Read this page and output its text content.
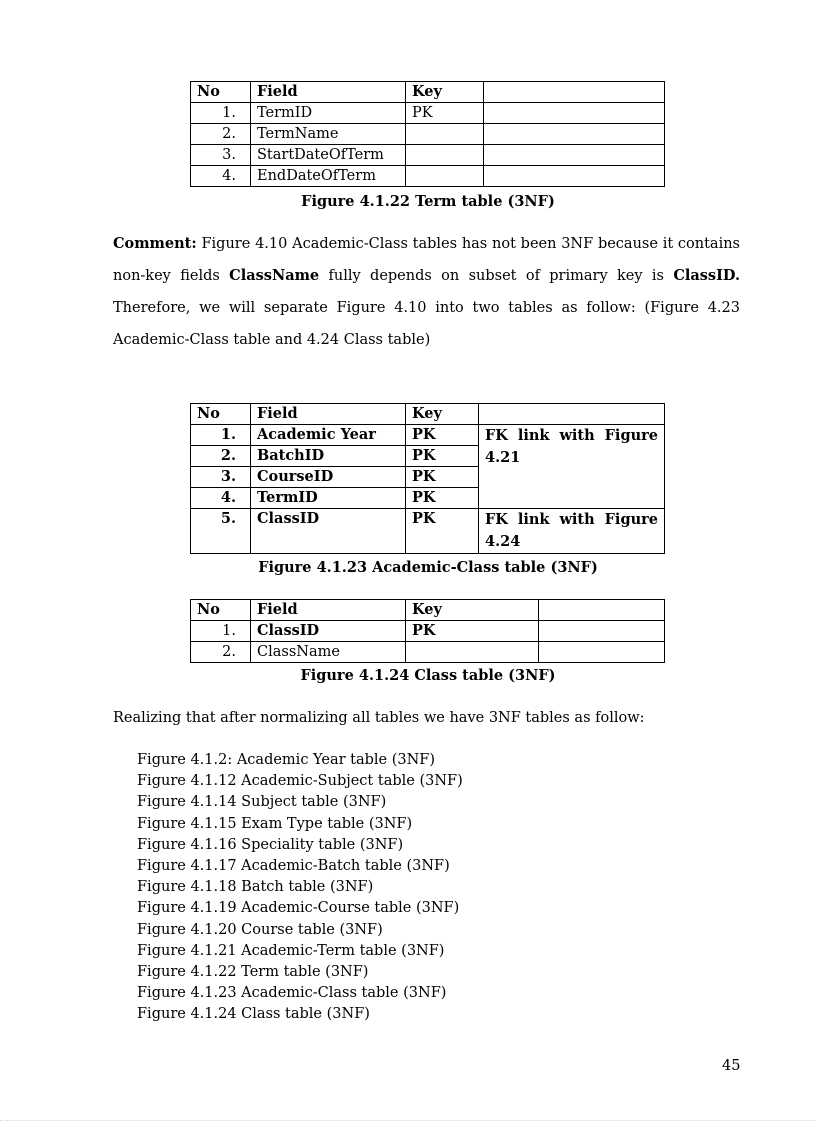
No	Field	Key	
1.	TermID	PK	
2.	TermName		
3.	StartDateOfTerm		
4.	EndDateOfTerm		
Figure 4.1.22 Term table (3NF)
Comment: Figure 4.10 Academic-Class tables has not been 3NF because it contains non-key fields ClassName fully depends on subset of primary key is ClassID. Therefore, we will separate Figure 4.10 into two tables as follow: (Figure 4.23 Academic-Class table and 4.24 Class table)
No	Field	Key	
1.	Academic Year	PK	FK link with Figure 4.21
2.	BatchID	PK	
3.	CourseID	PK	
4.	TermID	PK	
5.	ClassID	PK	FK link with Figure 4.24
Figure 4.1.23 Academic-Class table (3NF)
No	Field	Key	
1.	ClassID	PK	
2.	ClassName		
Figure 4.1.24 Class table (3NF)
Realizing that after normalizing all tables we have 3NF tables as follow:
Figure 4.1.2: Academic Year table (3NF)
Figure 4.1.12 Academic-Subject table (3NF)
Figure 4.1.14 Subject table (3NF)
Figure 4.1.15 Exam Type table (3NF)
Figure 4.1.16 Speciality table (3NF)
Figure 4.1.17 Academic-Batch table (3NF)
Figure 4.1.18 Batch table (3NF)
Figure 4.1.19 Academic-Course table (3NF)
Figure 4.1.20 Course table (3NF)
Figure 4.1.21 Academic-Term table (3NF)
Figure 4.1.22 Term table (3NF)
Figure 4.1.23 Academic-Class table (3NF)
Figure 4.1.24 Class table (3NF)
45
